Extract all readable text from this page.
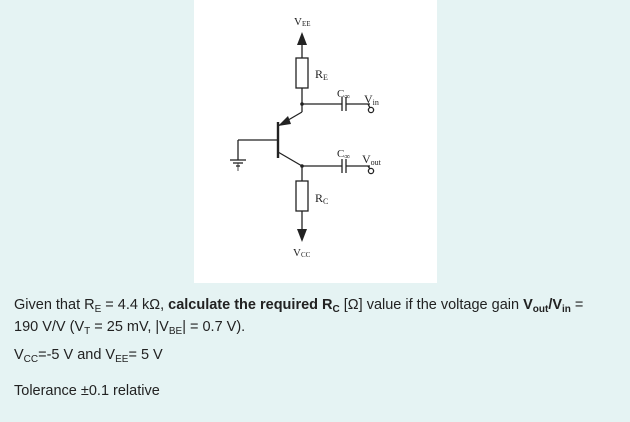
VEE
RE
C∞ Vin
C∞ Vout
RC
VCC
Given that $R_E = 4.4$ kΩ, calculate the required $R_C$ [Ω] value if the voltage gain $V_{out}/V_{in}$ =
190 V/V ($V_T = 25$ mV, $|V_{BE}| = 0.7$ V).
$V_{CC}=-5$ V and $V_{EE}= 5$ V
Tolerance ±0.1 relative
